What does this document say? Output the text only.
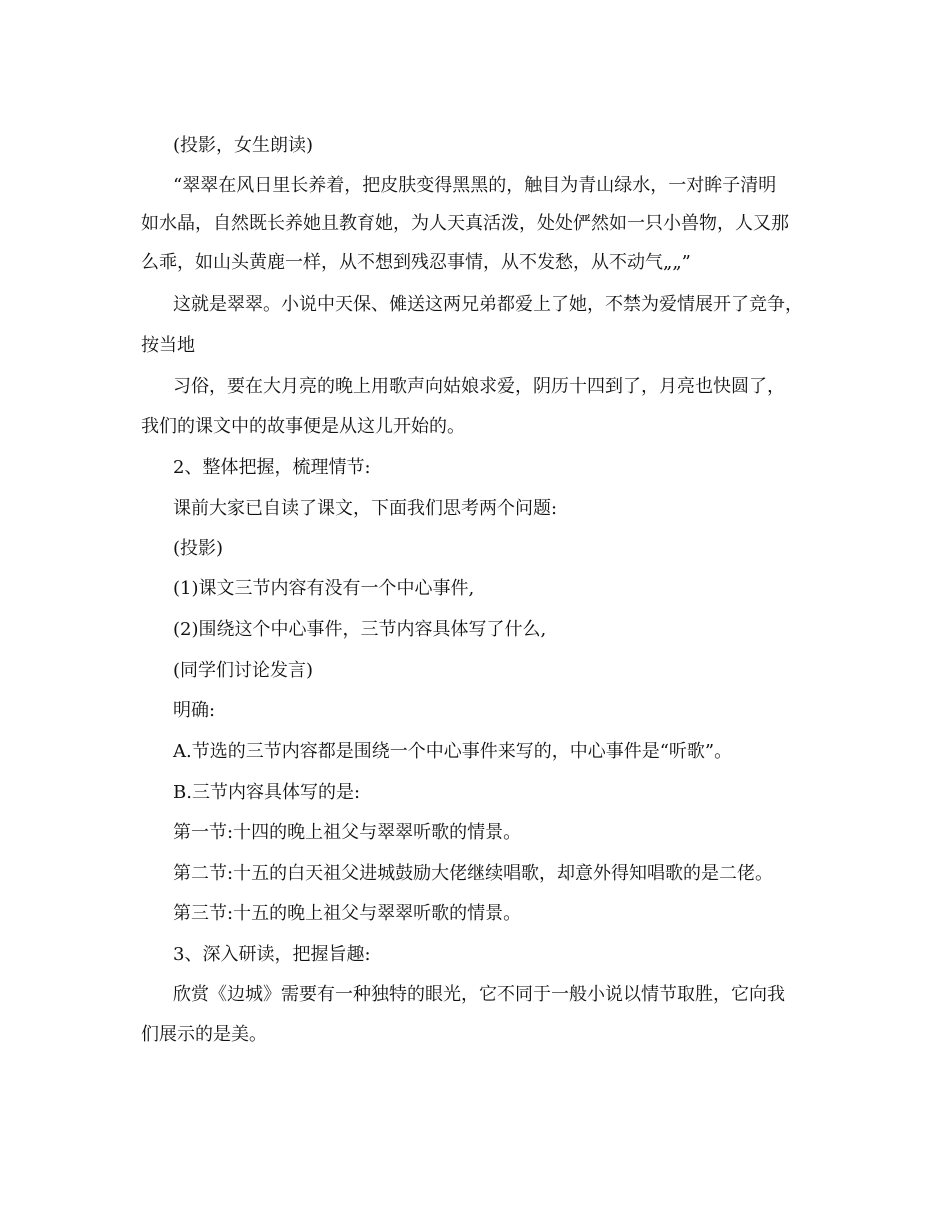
(投影，女生朗读)
“翠翠在风日里长养着，把皮肤变得黑黑的，触目为青山绿水，一对眸子清明
如水晶，自然既长养她且教育她，为人天真活泼，处处俨然如一只小兽物，人又那
么乖，如山头黄鹿一样，从不想到残忍事情，从不发愁，从不动气„„”
这就是翠翠。小说中天保、傩送这两兄弟都爱上了她，不禁为爱情展开了竞争，
按当地
习俗，要在大月亮的晚上用歌声向姑娘求爱，阴历十四到了，月亮也快圆了，
我们的课文中的故事便是从这儿开始的。
2、整体把握，梳理情节:
课前大家已自读了课文，下面我们思考两个问题:
(投影)
(1)课文三节内容有没有一个中心事件,
(2)围绕这个中心事件，三节内容具体写了什么,
(同学们讨论发言)
明确:
A.节选的三节内容都是围绕一个中心事件来写的，中心事件是“听歌”。
B.三节内容具体写的是:
第一节:十四的晚上祖父与翠翠听歌的情景。
第二节:十五的白天祖父进城鼓励大佬继续唱歌，却意外得知唱歌的是二佬。
第三节:十五的晚上祖父与翠翠听歌的情景。
3、深入研读，把握旨趣:
欣赏《边城》需要有一种独特的眼光，它不同于一般小说以情节取胜，它向我
们展示的是美。
